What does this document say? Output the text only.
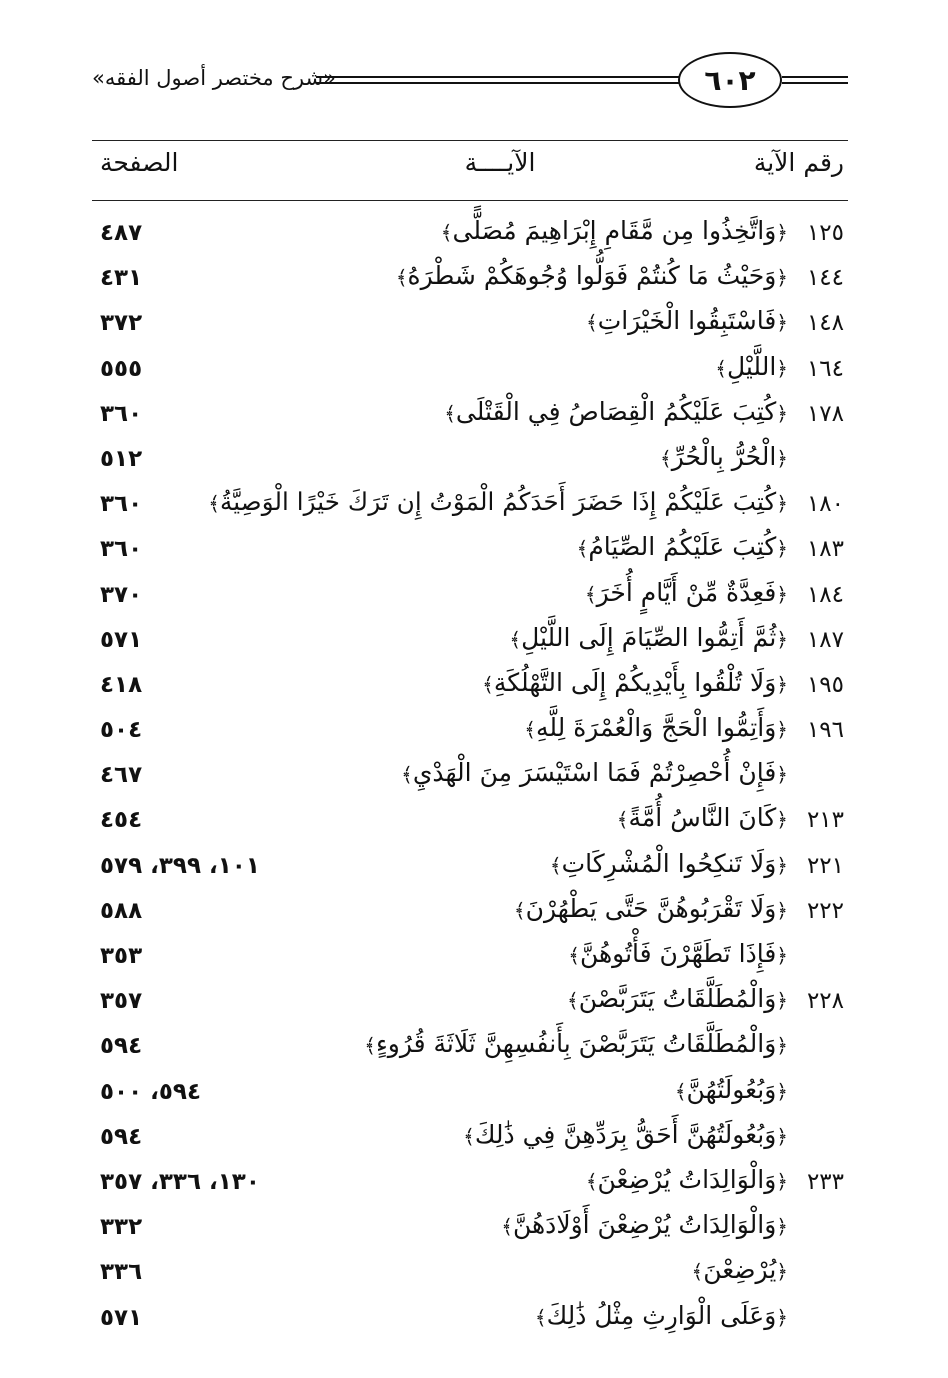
«شرح مختصر أصول الفقه»	٦٠٢
رقم الآية
الآيــــة
الصفحة
١٢٥
﴿وَاتَّخِذُوا مِن مَّقَامِ إِبْرَاهِيمَ مُصَلًّى﴾
٤٨٧
١٤٤
﴿وَحَيْثُ مَا كُنتُمْ فَوَلُّوا وُجُوهَكُمْ شَطْرَهُ﴾
٤٣١
١٤٨
﴿فَاسْتَبِقُوا الْخَيْرَاتِ﴾
٣٧٢
١٦٤
﴿اللَّيْلِ﴾
٥٥٥
١٧٨
﴿كُتِبَ عَلَيْكُمُ الْقِصَاصُ فِي الْقَتْلَى﴾
٣٦٠
﴿الْحُرُّ بِالْحُرِّ﴾
٥١٢
١٨٠
﴿كُتِبَ عَلَيْكُمْ إِذَا حَضَرَ أَحَدَكُمُ الْمَوْتُ إِن تَرَكَ خَيْرًا الْوَصِيَّةُ﴾
٣٦٠
١٨٣
﴿كُتِبَ عَلَيْكُمُ الصِّيَامُ﴾
٣٦٠
١٨٤
﴿فَعِدَّةٌ مِّنْ أَيَّامٍ أُخَرَ﴾
٣٧٠
١٨٧
﴿ثُمَّ أَتِمُّوا الصِّيَامَ إِلَى اللَّيْلِ﴾
٥٧١
١٩٥
﴿وَلَا تُلْقُوا بِأَيْدِيكُمْ إِلَى التَّهْلُكَةِ﴾
٤١٨
١٩٦
﴿وَأَتِمُّوا الْحَجَّ وَالْعُمْرَةَ لِلَّهِ﴾
٥٠٤
﴿فَإِنْ أُحْصِرْتُمْ فَمَا اسْتَيْسَرَ مِنَ الْهَدْيِ﴾
٤٦٧
٢١٣
﴿كَانَ النَّاسُ أُمَّةً﴾
٤٥٤
٢٢١
﴿وَلَا تَنكِحُوا الْمُشْرِكَاتِ﴾
١٠١، ٣٩٩، ٥٧٩
٢٢٢
﴿وَلَا تَقْرَبُوهُنَّ حَتَّى يَطْهُرْنَ﴾
٥٨٨
﴿فَإِذَا تَطَهَّرْنَ فَأْتُوهُنَّ﴾
٣٥٣
٢٢٨
﴿وَالْمُطَلَّقَاتُ يَتَرَبَّصْنَ﴾
٣٥٧
﴿وَالْمُطَلَّقَاتُ يَتَرَبَّصْنَ بِأَنفُسِهِنَّ ثَلَاثَةَ قُرُوءٍ﴾
٥٩٤
﴿وَبُعُولَتُهُنَّ﴾
٥٩٤، ٥٠٠
﴿وَبُعُولَتُهُنَّ أَحَقُّ بِرَدِّهِنَّ فِي ذَٰلِكَ﴾
٥٩٤
٢٣٣
﴿وَالْوَالِدَاتُ يُرْضِعْنَ﴾
١٣٠، ٣٣٦، ٣٥٧
﴿وَالْوَالِدَاتُ يُرْضِعْنَ أَوْلَادَهُنَّ﴾
٣٣٢
﴿يُرْضِعْنَ﴾
٣٣٦
﴿وَعَلَى الْوَارِثِ مِثْلُ ذَٰلِكَ﴾
٥٧١
